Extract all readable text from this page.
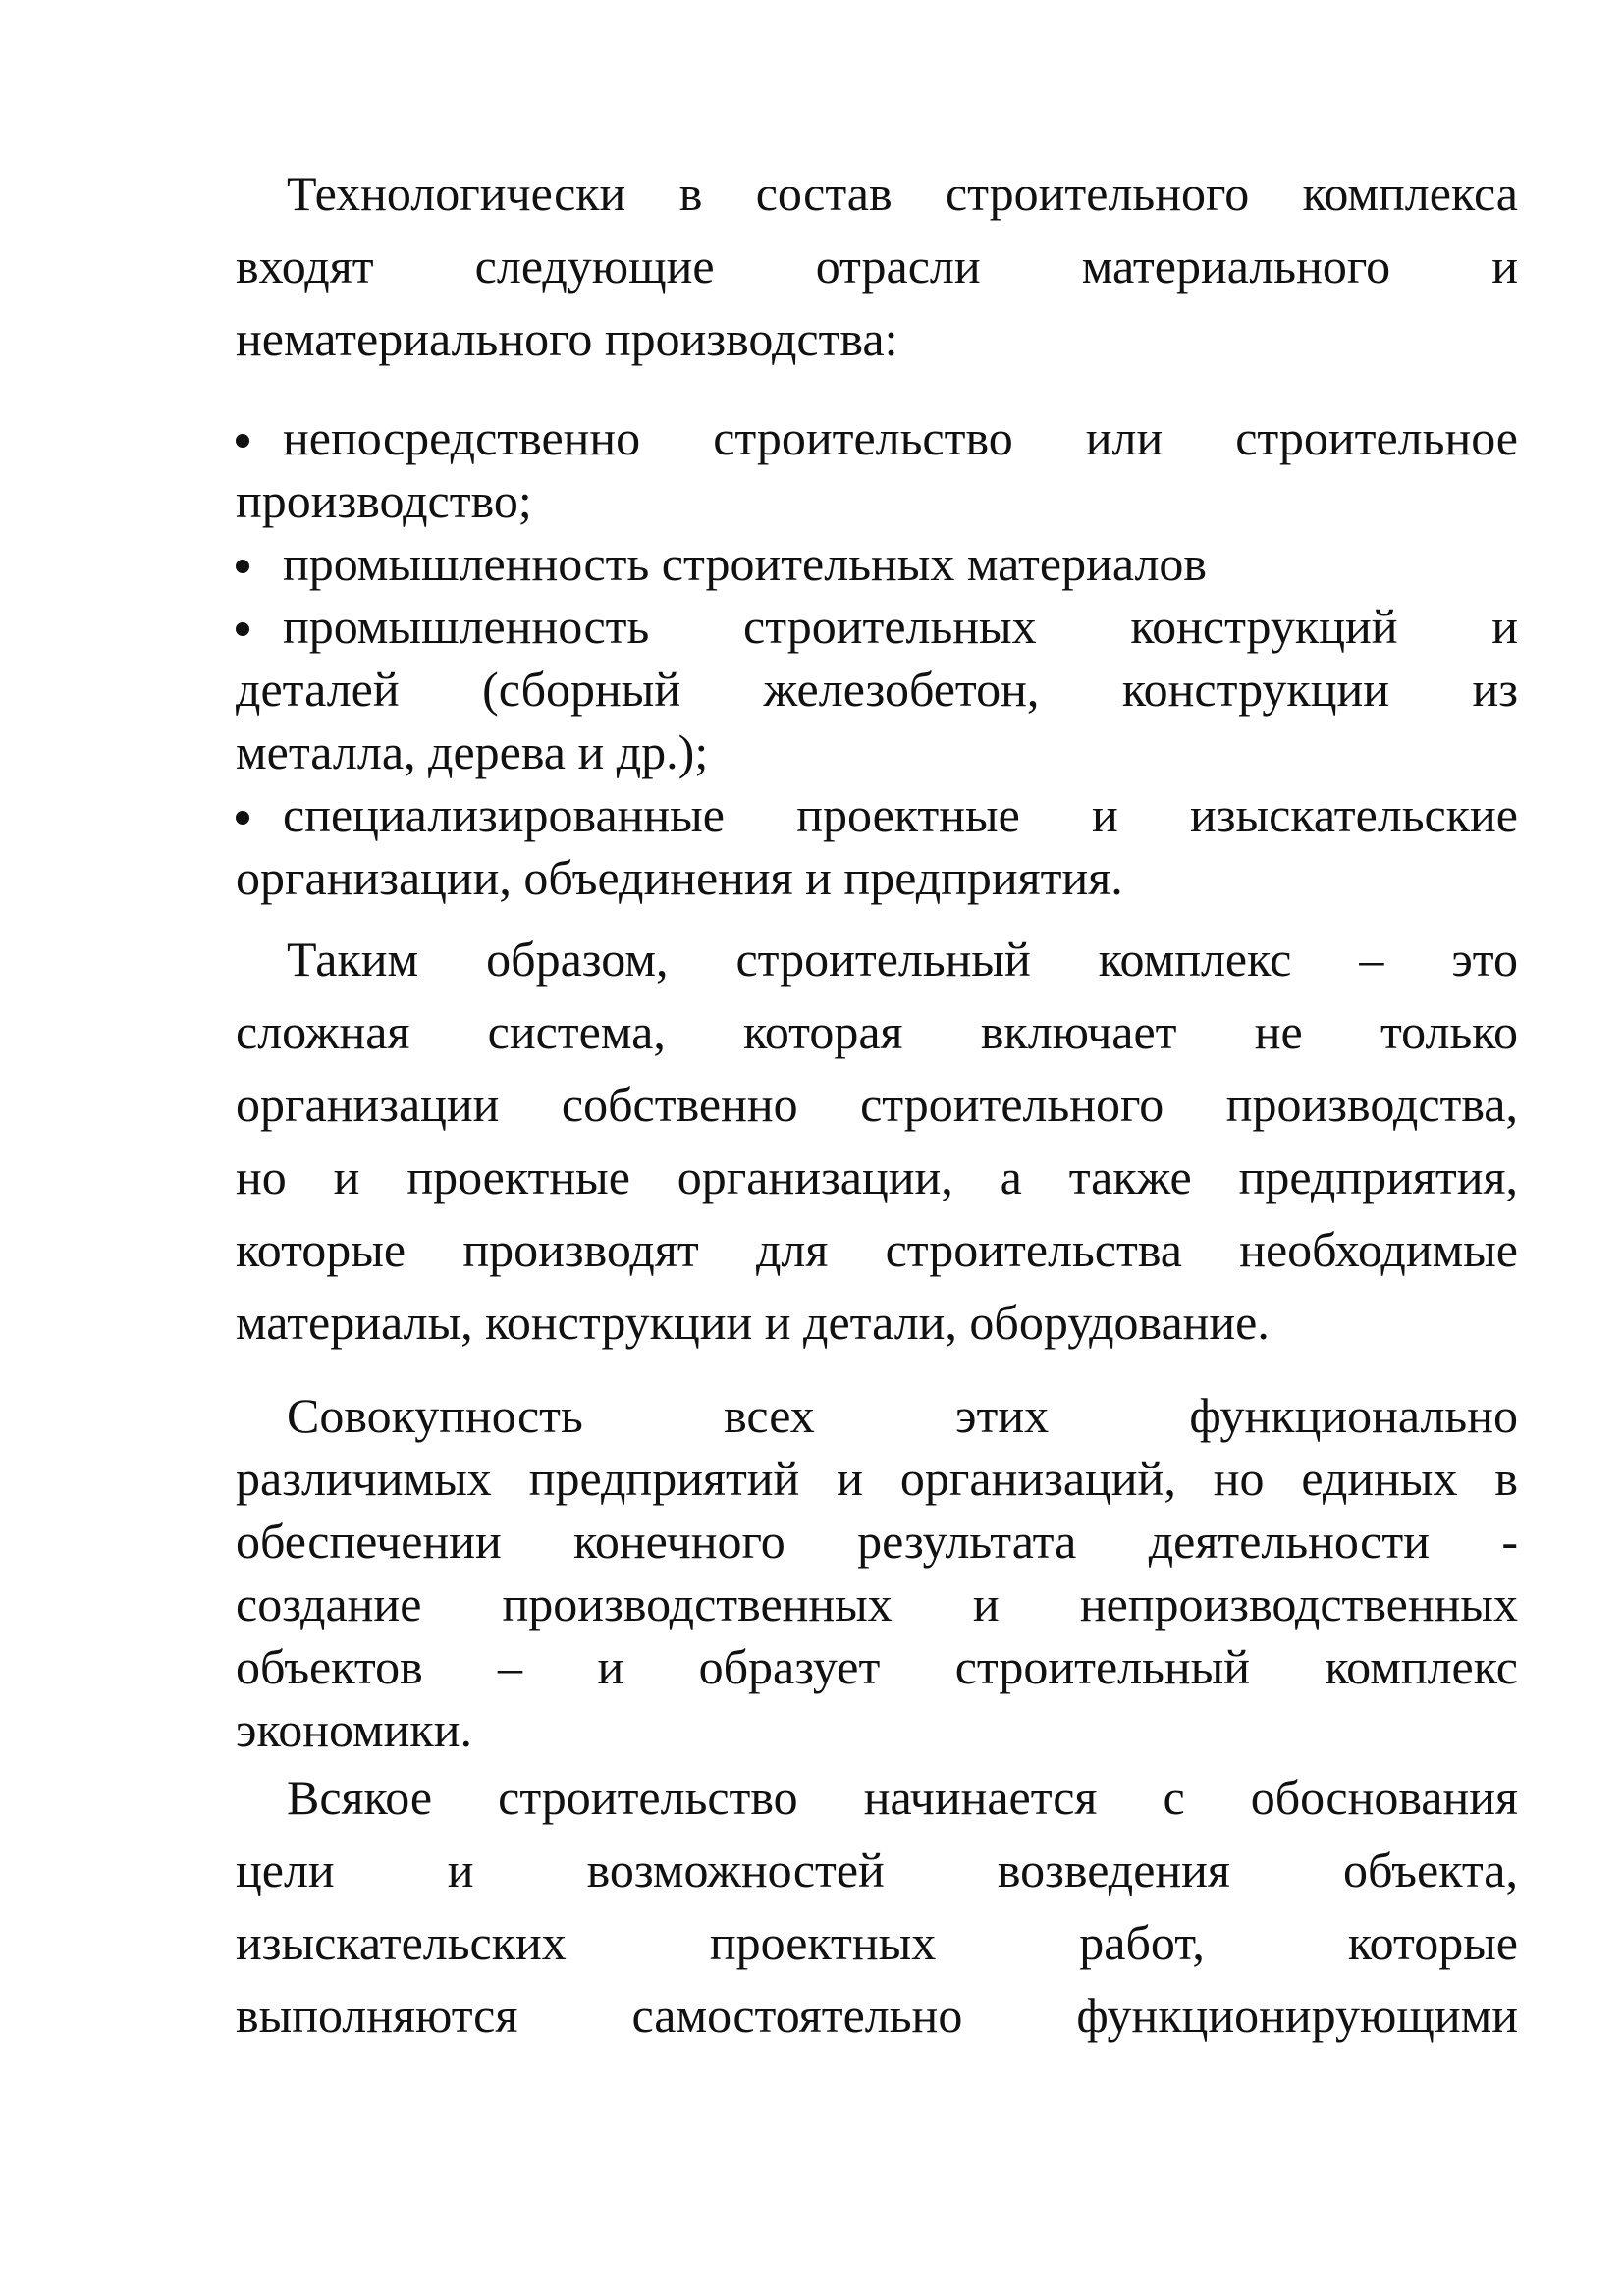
Технологически в состав строительного комплекса

входят следующие отрасли материального и

нематериального производства:

непосредственно строительство или строительное

производство;

промышленность строительных материалов

промышленность строительных конструкций и

деталей (сборный железобетон, конструкции из

металла, дерева и др.);

специализированные проектные и изыскательские

организации, объединения и предприятия.

Таким образом, строительный комплекс – это

сложная система, которая включает не только

организации собственно строительного производства,

но и проектные организации, а также предприятия,

которые производят для строительства необходимые

материалы, конструкции и детали, оборудование.

Совокупность всех этих функционально

различимых предприятий и организаций, но единых в

обеспечении конечного результата деятельности -

создание производственных и непроизводственных

объектов – и образует строительный комплекс

экономики.

Всякое строительство начинается с обоснования

цели и возможностей возведения объекта,

изыскательских проектных работ, которые

выполняются самостоятельно функционирующими
